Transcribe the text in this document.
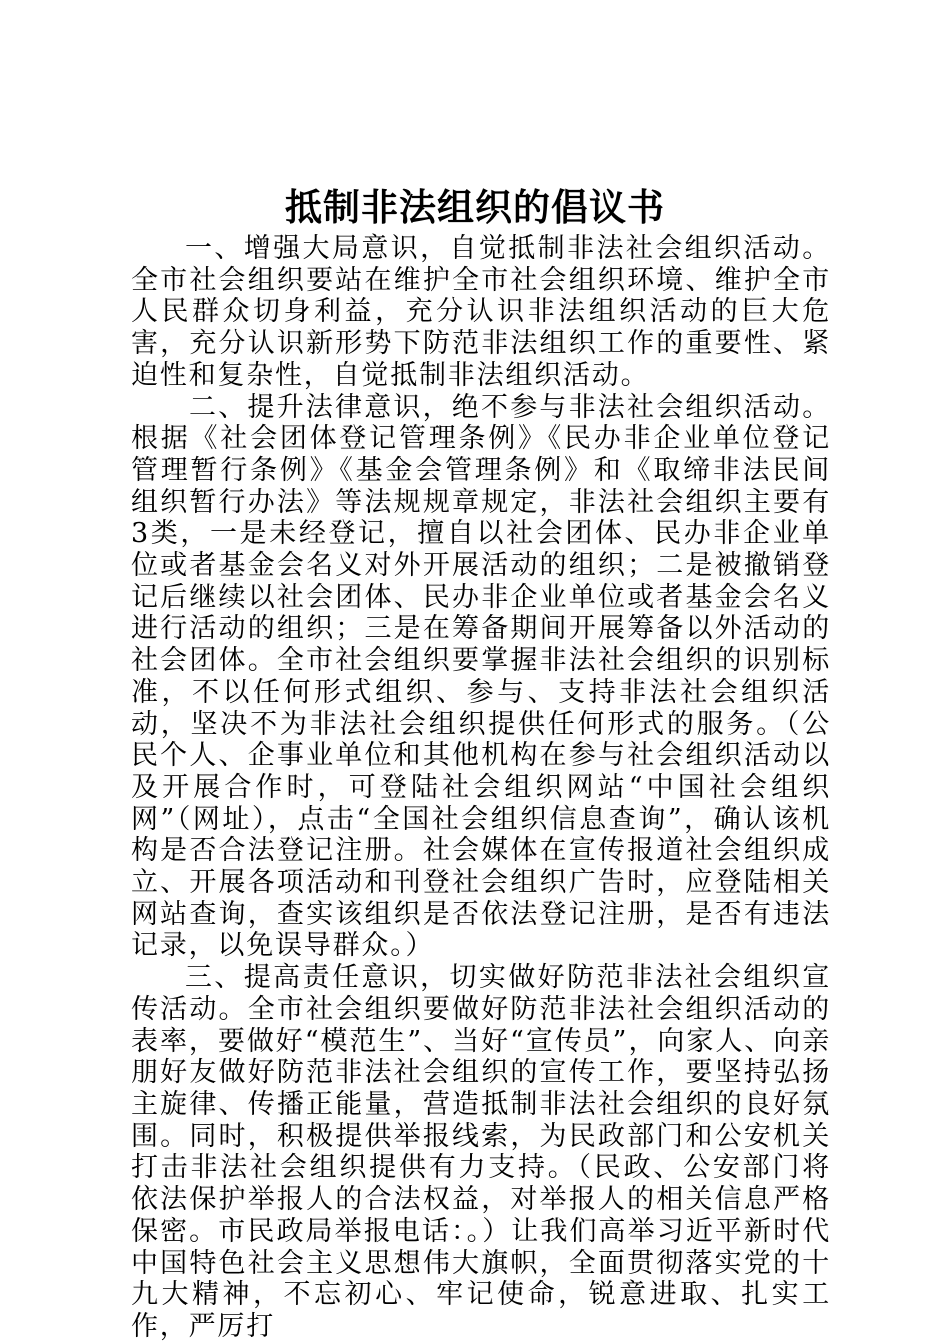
抵制非法组织的倡议书

一、增强大局意识，自觉抵制非法社会组织活动。全市社会组织要站在维护全市社会组织环境、维护全市人民群众切身利益，充分认识非法组织活动的巨大危害，充分认识新形势下防范非法组织工作的重要性、紧迫性和复杂性，自觉抵制非法组织活动。

二、提升法律意识，绝不参与非法社会组织活动。根据《社会团体登记管理条例》《民办非企业单位登记管理暂行条例》《基金会管理条例》和《取缔非法民间组织暂行办法》等法规规章规定，非法社会组织主要有3类，一是未经登记，擅自以社会团体、民办非企业单位或者基金会名义对外开展活动的组织；二是被撤销登记后继续以社会团体、民办非企业单位或者基金会名义进行活动的组织；三是在筹备期间开展筹备以外活动的社会团体。全市社会组织要掌握非法社会组织的识别标准，不以任何形式组织、参与、支持非法社会组织活动，坚决不为非法社会组织提供任何形式的服务。（公民个人、企事业单位和其他机构在参与社会组织活动以及开展合作时，可登陆社会组织网站“中国社会组织网”（网址），点击“全国社会组织信息查询”，确认该机构是否合法登记注册。社会媒体在宣传报道社会组织成立、开展各项活动和刊登社会组织广告时，应登陆相关网站查询，查实该组织是否依法登记注册，是否有违法记录，以免误导群众。）

三、提高责任意识，切实做好防范非法社会组织宣传活动。全市社会组织要做好防范非法社会组织活动的表率，要做好“模范生”、当好“宣传员”，向家人、向亲朋好友做好防范非法社会组织的宣传工作，要坚持弘扬主旋律、传播正能量，营造抵制非法社会组织的良好氛围。同时，积极提供举报线索，为民政部门和公安机关打击非法社会组织提供有力支持。（民政、公安部门将依法保护举报人的合法权益，对举报人的相关信息严格保密。市民政局举报电话：。）让我们高举习近平新时代中国特色社会主义思想伟大旗帜，全面贯彻落实党的十九大精神，不忘初心、牢记使命，锐意进取、扎实工作，严厉打
